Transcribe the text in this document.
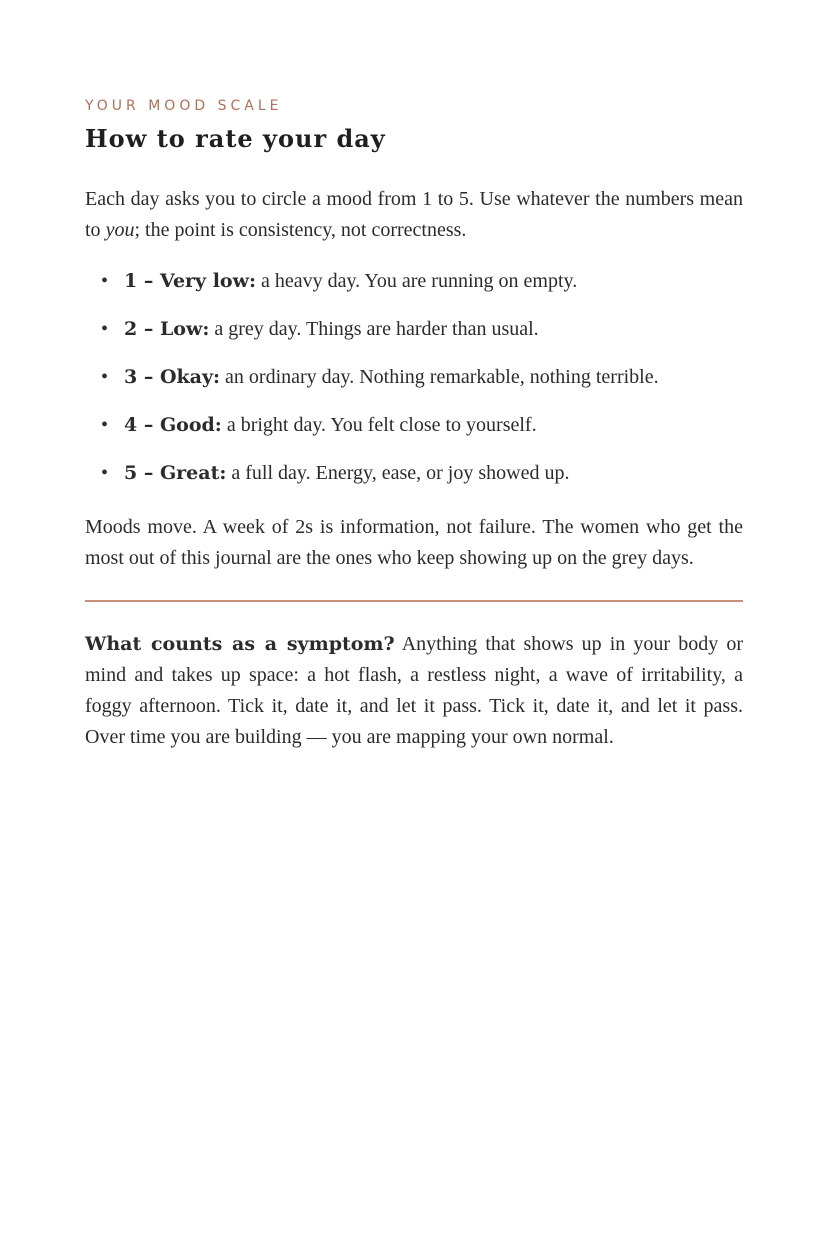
YOUR MOOD SCALE
How to rate your day

Each day asks you to circle a mood from 1 to 5. Use whatever the numbers mean to you; the point is consistency, not correctness.

• 1 – Very low: a heavy day. You are running on empty.
• 2 – Low: a grey day. Things are harder than usual.
• 3 – Okay: an ordinary day. Nothing remarkable, nothing terrible.
• 4 – Good: a bright day. You felt close to yourself.
• 5 – Great: a full day. Energy, ease, or joy showed up.

Moods move. A week of 2s is information, not failure. The women who get the most out of this journal are the ones who keep showing up on the grey days.

What counts as a symptom? Anything that shows up in your body or mind and takes up space: a hot flash, a restless night, a wave of irritability, a foggy afternoon. Tick it, date it, and let it pass. Tick it, date it, and let it pass. Over time you are building — you are mapping your own normal.
